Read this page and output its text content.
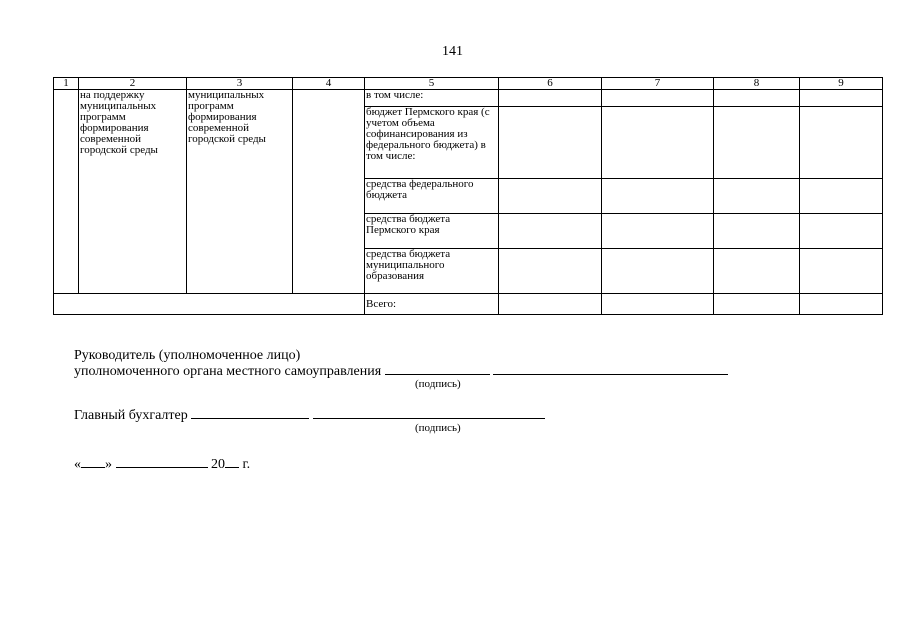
141
1	2	3	4	5	6	7	8	9
	на поддержку муниципальных программ формирования современной городской среды	муниципальных программ формирования современной городской среды		в том числе:				
				бюджет Пермского края (с учетом объема софинансирования из федерального бюджета) в том числе:				
				средства федерального бюджета				
				средства бюджета Пермского края				
				средства бюджета муниципального образования				
				Всего:				
Руководитель (уполномоченное лицо)
уполномоченного органа местного самоуправления
(подпись)
Главный бухгалтер
(подпись)
« »	20 г.
